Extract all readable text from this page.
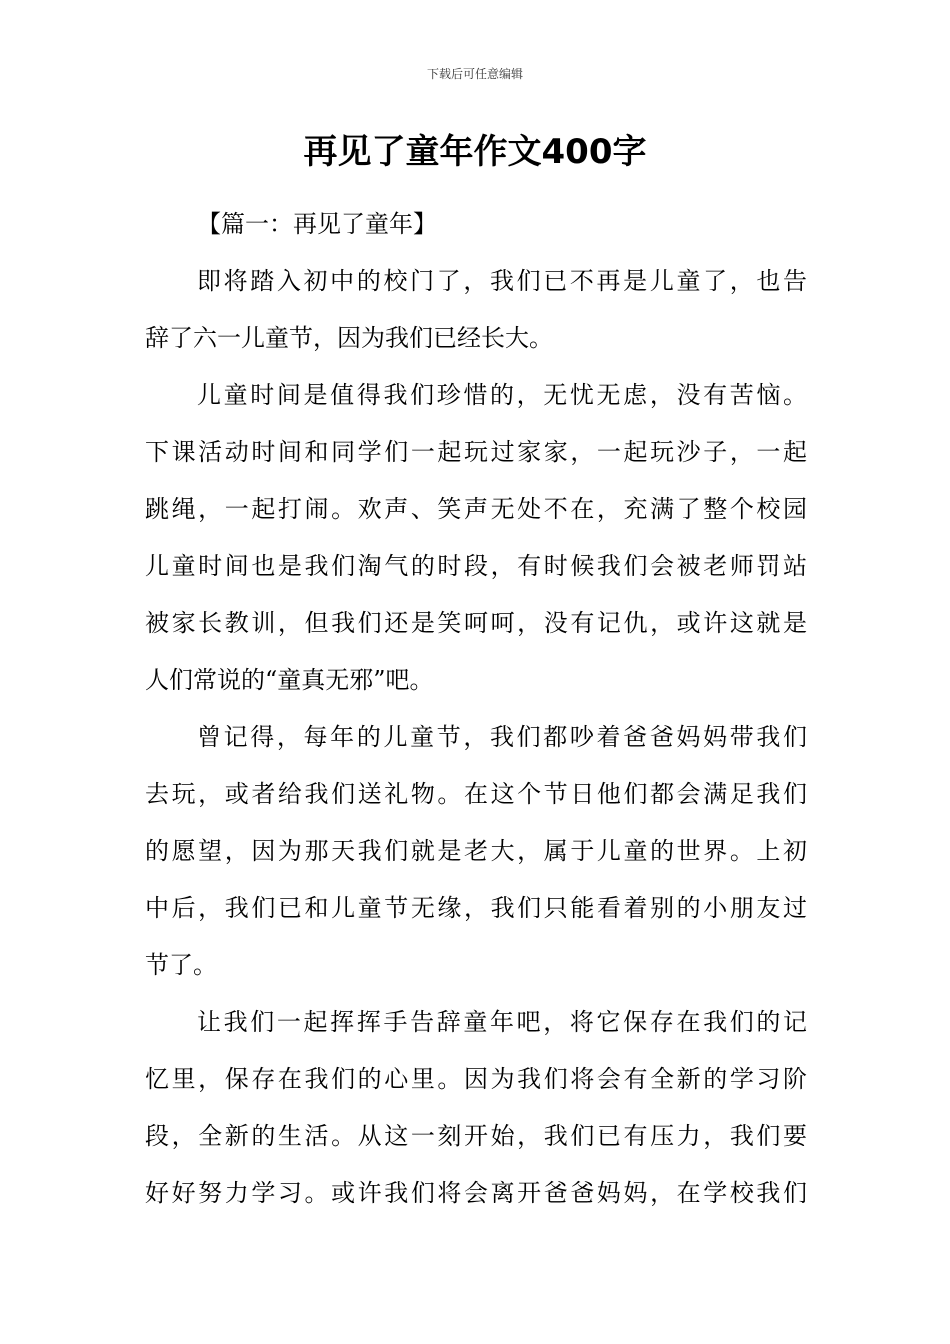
下载后可任意编辑
再见了童年作文400字

【篇一：再见了童年】

即将踏入初中的校门了，我们已不再是儿童了，也告
辞了六一儿童节，因为我们已经长大。

儿童时间是值得我们珍惜的，无忧无虑，没有苦恼。
下课活动时间和同学们一起玩过家家，一起玩沙子，一起
跳绳，一起打闹。欢声、笑声无处不在，充满了整个校园
儿童时间也是我们淘气的时段，有时候我们会被老师罚站
被家长教训，但我们还是笑呵呵，没有记仇，或许这就是
人们常说的“童真无邪”吧。

曾记得，每年的儿童节，我们都吵着爸爸妈妈带我们
去玩，或者给我们送礼物。在这个节日他们都会满足我们
的愿望，因为那天我们就是老大，属于儿童的世界。上初
中后，我们已和儿童节无缘，我们只能看着别的小朋友过
节了。

让我们一起挥挥手告辞童年吧，将它保存在我们的记
忆里，保存在我们的心里。因为我们将会有全新的学习阶
段，全新的生活。从这一刻开始，我们已有压力，我们要
好好努力学习。或许我们将会离开爸爸妈妈，在学校我们
